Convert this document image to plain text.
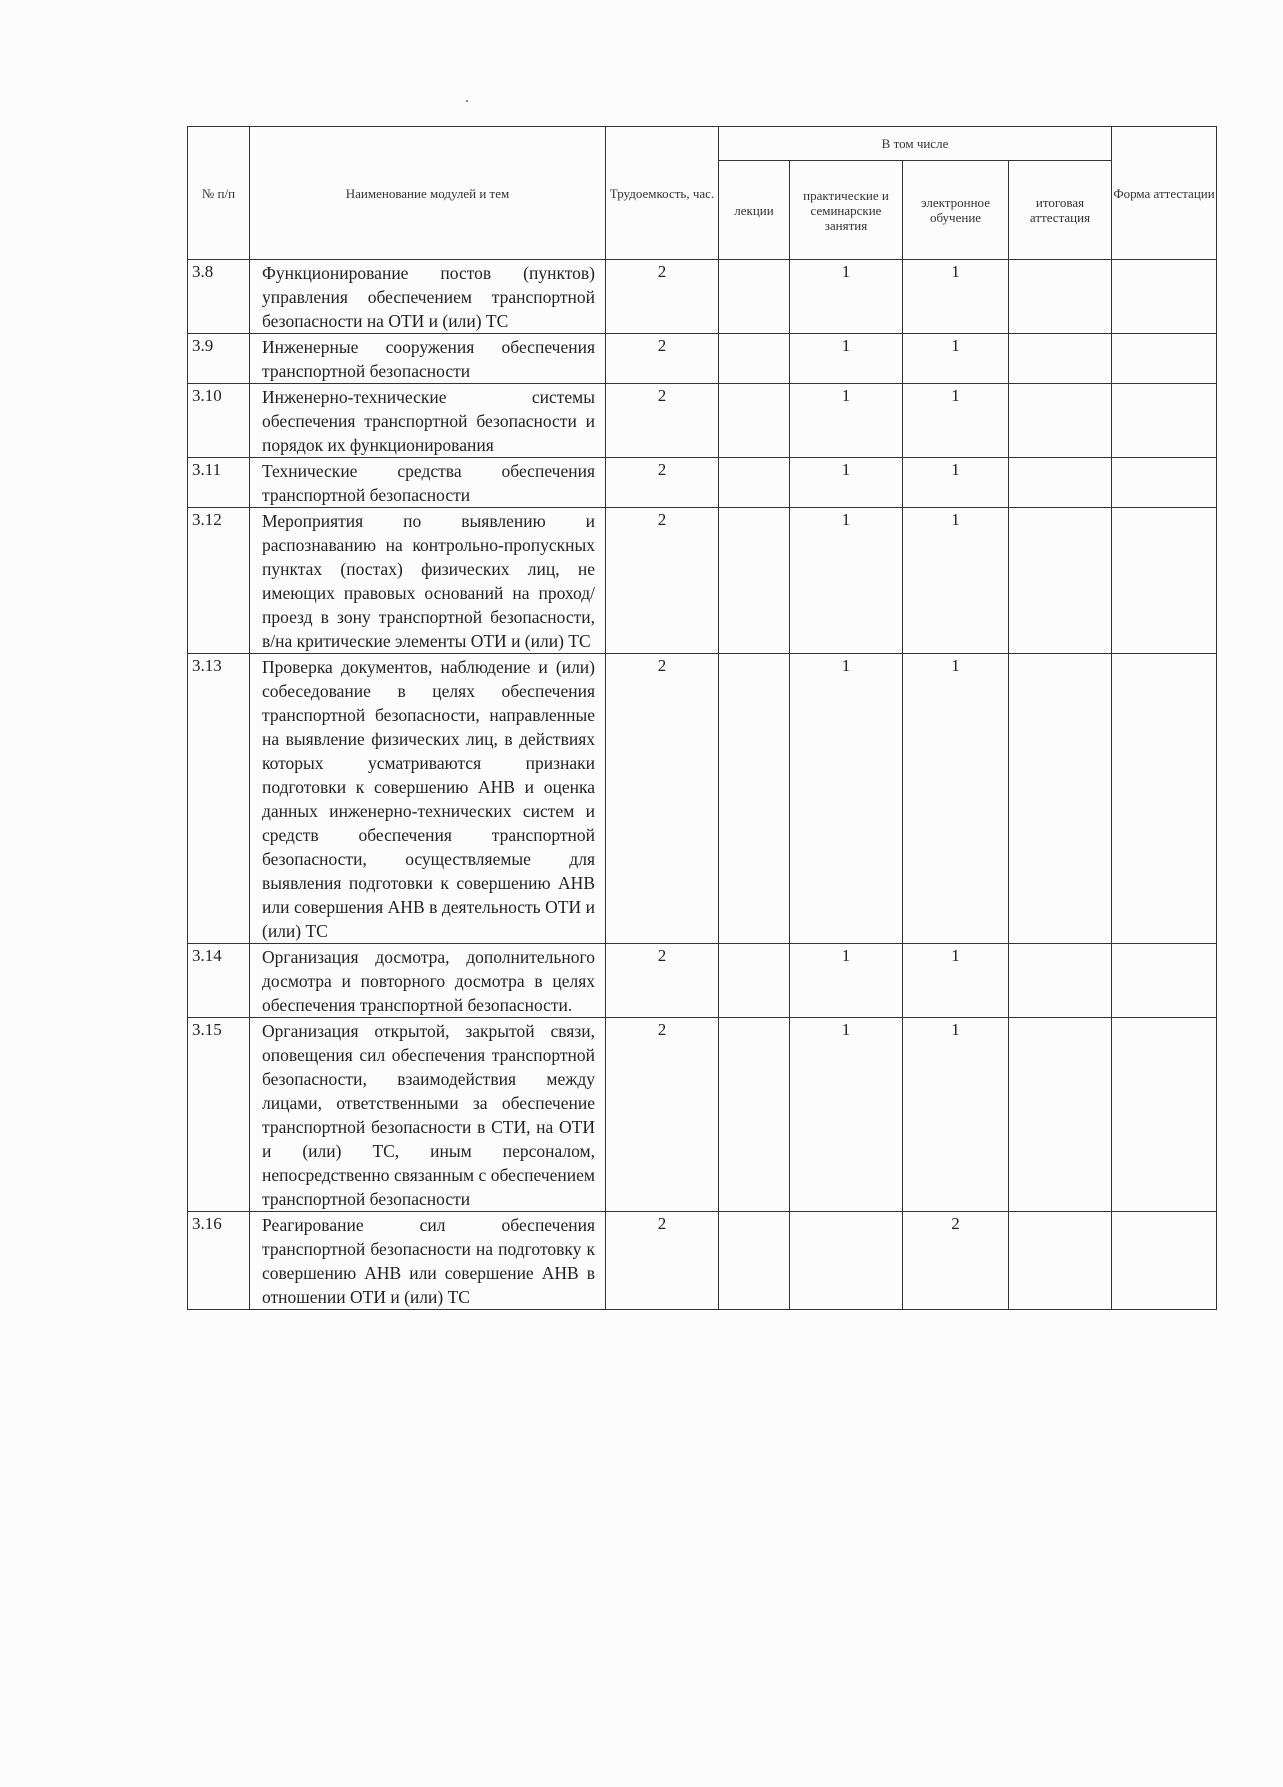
№ п/п	Наименование модулей и тем	Трудоемкость, час.	В том числе				Форма аттестации
			лекции	практические и семинарские занятия	электронное обучение	итоговая аттестация	
3.8	Функционирование постов (пунктов) управления обеспечением транспортной безопасности на ОТИ и (или) ТС	2		1	1		
3.9	Инженерные сооружения обеспечения транспортной безопасности	2		1	1		
3.10	Инженерно-технические системы обеспечения транспортной безопасности и порядок их функционирования	2		1	1		
3.11	Технические средства обеспечения транспортной безопасности	2		1	1		
3.12	Мероприятия по выявлению и распознаванию на контрольно-пропускных пунктах (постах) физических лиц, не имеющих правовых оснований на проход/проезд в зону транспортной безопасности, в/на критические элементы ОТИ и (или) ТС	2		1	1		
3.13	Проверка документов, наблюдение и (или) собеседование в целях обеспечения транспортной безопасности, направленные на выявление физических лиц, в действиях которых усматриваются признаки подготовки к совершению АНВ и оценка данных инженерно-технических систем и средств обеспечения транспортной безопасности, осуществляемые для выявления подготовки к совершению АНВ или совершения АНВ в деятельность ОТИ и (или) ТС	2		1	1		
3.14	Организация досмотра, дополнительного досмотра и повторного досмотра в целях обеспечения транспортной безопасности.	2		1	1		
3.15	Организация открытой, закрытой связи, оповещения сил обеспечения транспортной безопасности, взаимодействия между лицами, ответственными за обеспечение транспортной безопасности в СТИ, на ОТИ и (или) ТС, иным персоналом, непосредственно связанным с обеспечением транспортной безопасности	2		1	1		
3.16	Реагирование сил обеспечения транспортной безопасности на подготовку к совершению АНВ или совершение АНВ в отношении ОТИ и (или) ТС	2			2		
